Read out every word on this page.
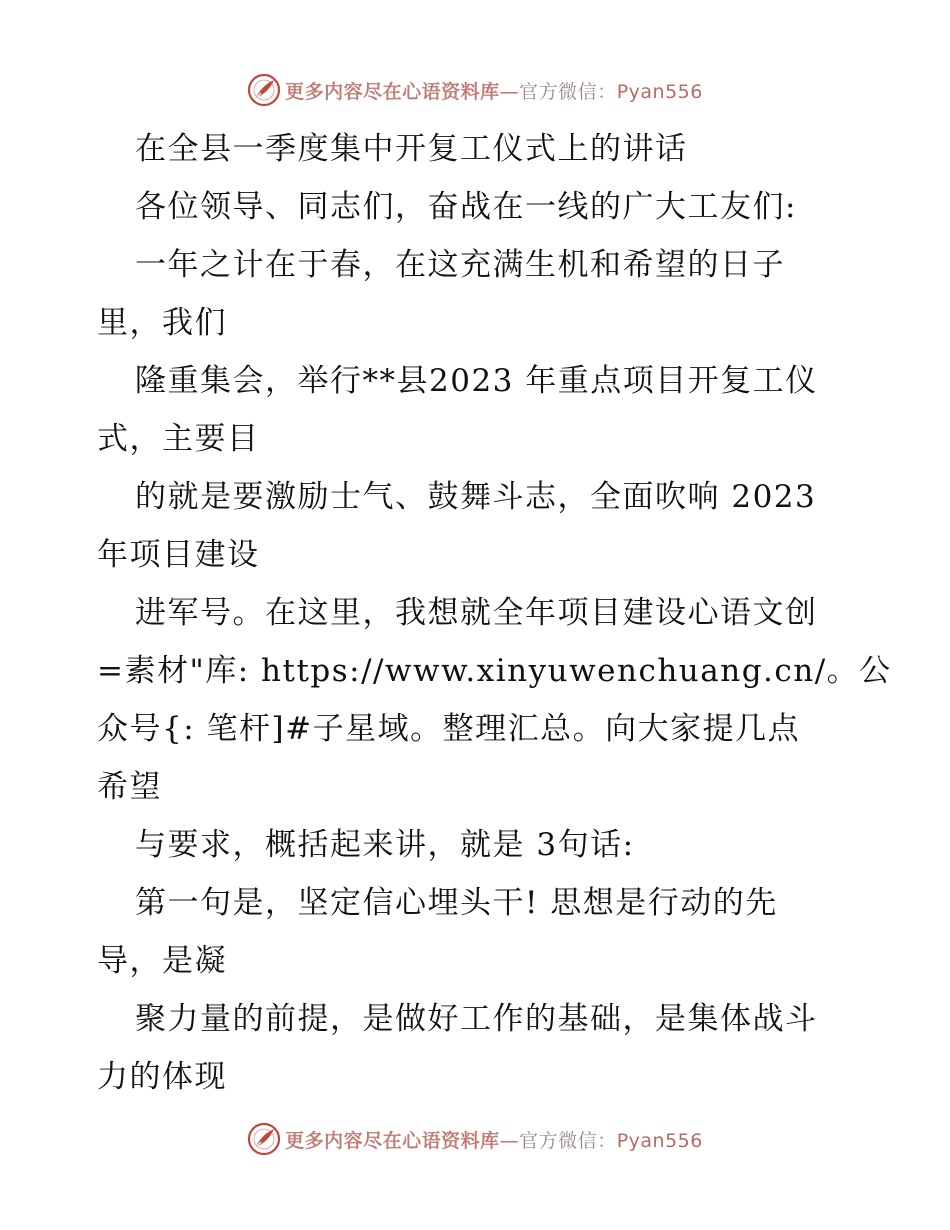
更多内容尽在心语资料库—官方微信：Pyan556
在全县一季度集中开复工仪式上的讲话
各位领导、同志们，奋战在一线的广大工友们:
一年之计在于春，在这充满生机和希望的日子
里，我们
隆重集会，举行**县2023 年重点项目开复工仪
式，主要目
的就是要激励士气、鼓舞斗志，全面吹响 2023
年项目建设
进军号。在这里，我想就全年项目建设心语文创
=素材"库: https://www.xinyuwenchuang.cn/。公
众号{: 笔杆]#子星域。整理汇总。向大家提几点
希望
与要求，概括起来讲，就是 3句话:
第一句是，坚定信心埋头干! 思想是行动的先
导，是凝
聚力量的前提，是做好工作的基础，是集体战斗
力的体现
更多内容尽在心语资料库—官方微信：Pyan556
